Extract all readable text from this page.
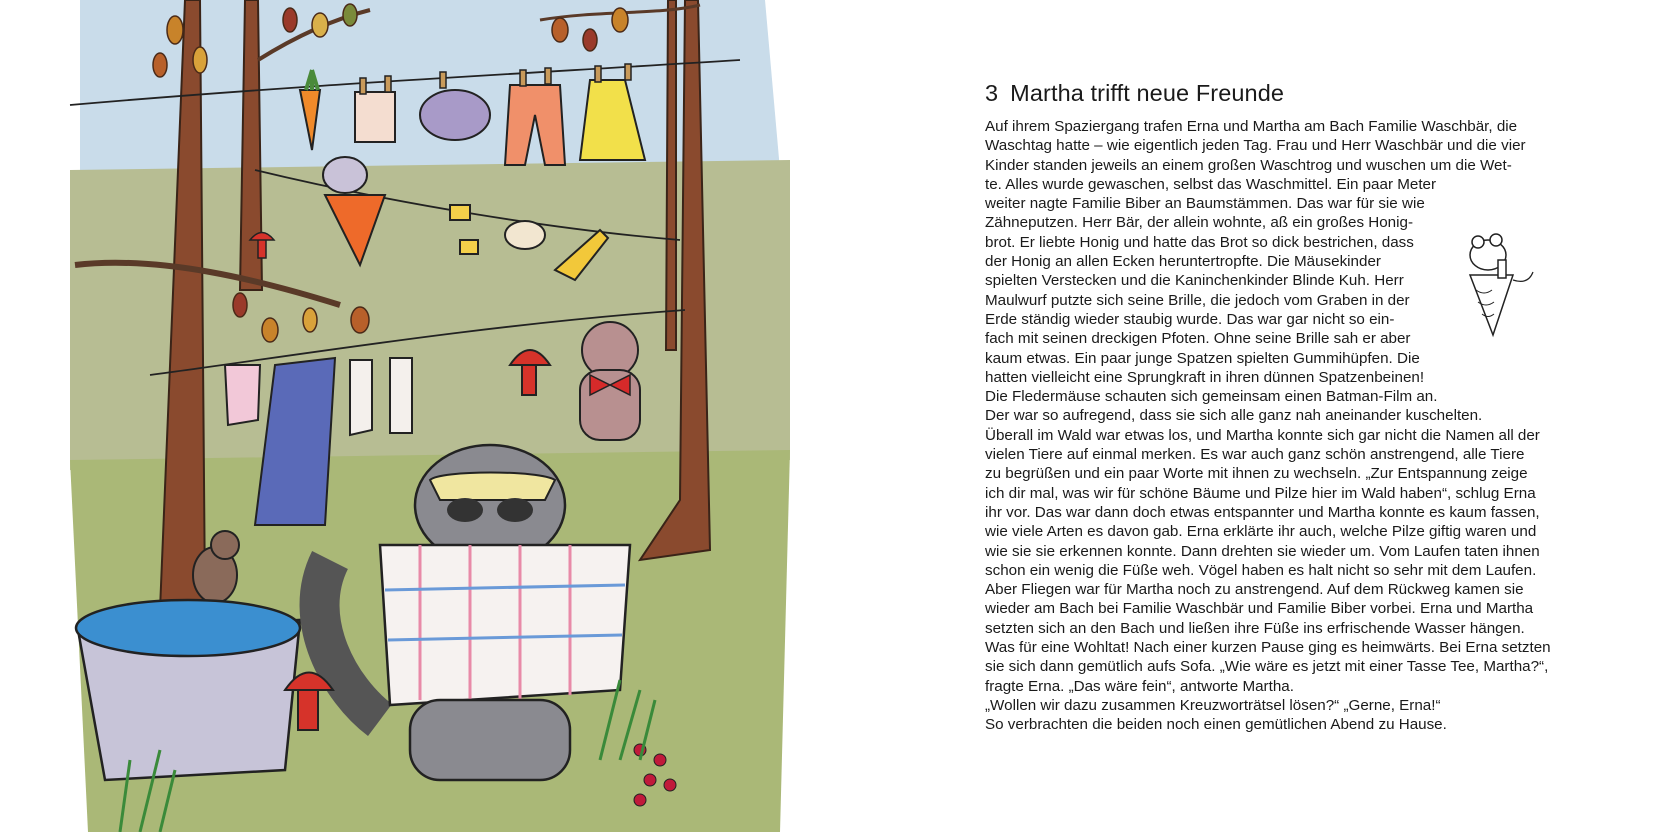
3 Martha trifft neue Freunde
Auf ihrem Spaziergang trafen Erna und Martha am Bach Familie Waschbär, die
Waschtag hatte – wie eigentlich jeden Tag. Frau und Herr Waschbär und die vier
Kinder standen jeweils an einem großen Waschtrog und wuschen um die Wet-
te. Alles wurde gewaschen, selbst das Waschmittel. Ein paar Meter
weiter nagte Familie Biber an Baumstämmen. Das war für sie wie
Zähneputzen. Herr Bär, der allein wohnte, aß ein großes Honig-
brot. Er liebte Honig und hatte das Brot so dick bestrichen, dass
der Honig an allen Ecken heruntertropfte. Die Mäusekinder
spielten Verstecken und die Kaninchenkinder Blinde Kuh. Herr
Maulwurf putzte sich seine Brille, die jedoch vom Graben in der
Erde ständig wieder staubig wurde. Das war gar nicht so ein-
fach mit seinen dreckigen Pfoten. Ohne seine Brille sah er aber
kaum etwas. Ein paar junge Spatzen spielten Gummihüpfen. Die
hatten vielleicht eine Sprungkraft in ihren dünnen Spatzenbeinen!
Die Fledermäuse schauten sich gemeinsam einen Batman-Film an.
Der war so aufregend, dass sie sich alle ganz nah aneinander kuschelten.
Überall im Wald war etwas los, und Martha konnte sich gar nicht die Namen all der
vielen Tiere auf einmal merken. Es war auch ganz schön anstrengend, alle Tiere
zu begrüßen und ein paar Worte mit ihnen zu wechseln. „Zur Entspannung zeige
ich dir mal, was wir für schöne Bäume und Pilze hier im Wald haben“, schlug Erna
ihr vor. Das war dann doch etwas entspannter und Martha konnte es kaum fassen,
wie viele Arten es davon gab. Erna erklärte ihr auch, welche Pilze giftig waren und
wie sie sie erkennen konnte. Dann drehten sie wieder um. Vom Laufen taten ihnen
schon ein wenig die Füße weh. Vögel haben es halt nicht so sehr mit dem Laufen.
Aber Fliegen war für Martha noch zu anstrengend. Auf dem Rückweg kamen sie
wieder am Bach bei Familie Waschbär und Familie Biber vorbei. Erna und Martha
setzten sich an den Bach und ließen ihre Füße ins erfrischende Wasser hängen.
Was für eine Wohltat! Nach einer kurzen Pause ging es heimwärts. Bei Erna setzten
sie sich dann gemütlich aufs Sofa. „Wie wäre es jetzt mit einer Tasse Tee, Martha?“,
fragte Erna. „Das wäre fein“, antworte Martha.
„Wollen wir dazu zusammen Kreuzworträtsel lösen?“ „Gerne, Erna!“
So verbrachten die beiden noch einen gemütlichen Abend zu Hause.
